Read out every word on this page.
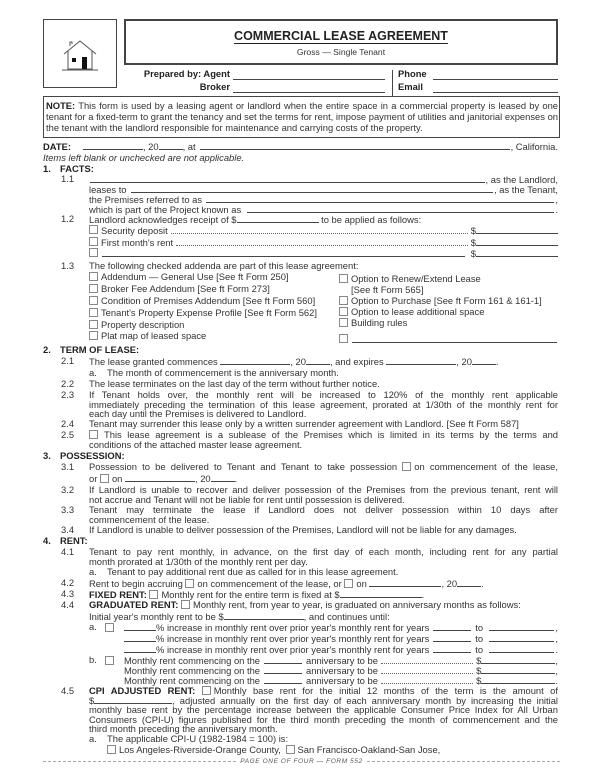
COMMERCIAL LEASE AGREEMENT
Gross — Single Tenant
Prepared by: Agent
Broker
Phone
Email
NOTE: This form is used by a leasing agent or landlord when the entire space in a commercial property is leased by one
tenant for a fixed-term to grant the tenancy and set the terms for rent, impose payment of utilities and janitorial expenses on
the tenant with the landlord responsible for maintenance and carrying costs of the property.
DATE:	, 20	, at	, California.
Items left blank or unchecked are not applicable.
1. FACTS:
1.1	, as the Landlord,
leases to	, as the Tenant,
the Premises referred to as	,
which is part of the Project known as	.
1.2 Landlord acknowledges receipt of $	to be applied as follows:
Security deposit	$
First month's rent	$
$
1.3 The following checked addenda are part of this lease agreement:
Addendum — General Use [See ft Form 250]
Broker Fee Addendum [See ft Form 273]
Condition of Premises Addendum [See ft Form 560]
Tenant's Property Expense Profile [See ft Form 562]
Property description
Plat map of leased space
Option to Renew/Extend Lease
[See ft Form 565]
Option to Purchase [See ft Form 161 & 161-1]
Option to lease additional space
Building rules
2. TERM OF LEASE:
2.1 The lease granted commences	, 20	, and expires	, 20	.
a. The month of commencement is the anniversary month.
2.2 The lease terminates on the last day of the term without further notice.
2.3 If Tenant holds over, the monthly rent will be increased to 120% of the monthly rent applicable
immediately preceding the termination of this lease agreement, prorated at 1/30th of the monthly rent for
each day until the Premises is delivered to Landlord.
2.4 Tenant may surrender this lease only by a written surrender agreement with Landlord. [See ft Form 587]
2.5	This lease agreement is a sublease of the Premises which is limited in its terms by the terms and
conditions of the attached master lease agreement.
3. POSSESSION:
3.1 Possession to be delivered to Tenant and Tenant to take possession on commencement of the lease,
or on	, 20	.
3.2 If Landlord is unable to recover and deliver possession of the Premises from the previous tenant, rent will
not accrue and Tenant will not be liable for rent until possession is delivered.
3.3 Tenant may terminate the lease if Landlord does not deliver possession within 10 days after
commencement of the lease.
3.4 If Landlord is unable to deliver possession of the Premises, Landlord will not be liable for any damages.
4. RENT:
4.1 Tenant to pay rent monthly, in advance, on the first day of each month, including rent for any partial
month prorated at 1/30th of the monthly rent per day.
a. Tenant to pay additional rent due as called for in this lease agreement.
4.2 Rent to begin accruing on commencement of the lease, or on	, 20	.
4.3 FIXED RENT: Monthly rent for the entire term is fixed at $	.
4.4 GRADUATED RENT: Monthly rent, from year to year, is graduated on anniversary months as follows:
Initial year's monthly rent to be $	, and continues until:
a.	% increase in monthly rent over prior year's monthly rent for years	to	,
% increase in monthly rent over prior year's monthly rent for years	to	,
% increase in monthly rent over prior year's monthly rent for years	to	.
b.	Monthly rent commencing on the	anniversary to be	$	,
Monthly rent commencing on the	anniversary to be	$	,
Monthly rent commencing on the	anniversary to be	$	.
4.5 CPI ADJUSTED RENT: Monthly base rent for the initial 12 months of the term is the amount of
$	, adjusted annually on the first day of each anniversary month by increasing the initial
monthly base rent by the percentage increase between the applicable Consumer Price Index for All Urban
Consumers (CPI-U) figures published for the third month preceding the month of commencement and the
third month preceding the anniversary month.
a. The applicable CPI-U (1982-1984 = 100) is:
Los Angeles-Riverside-Orange County, San Francisco-Oakland-San Jose,
PAGE ONE OF FOUR — FORM 552
